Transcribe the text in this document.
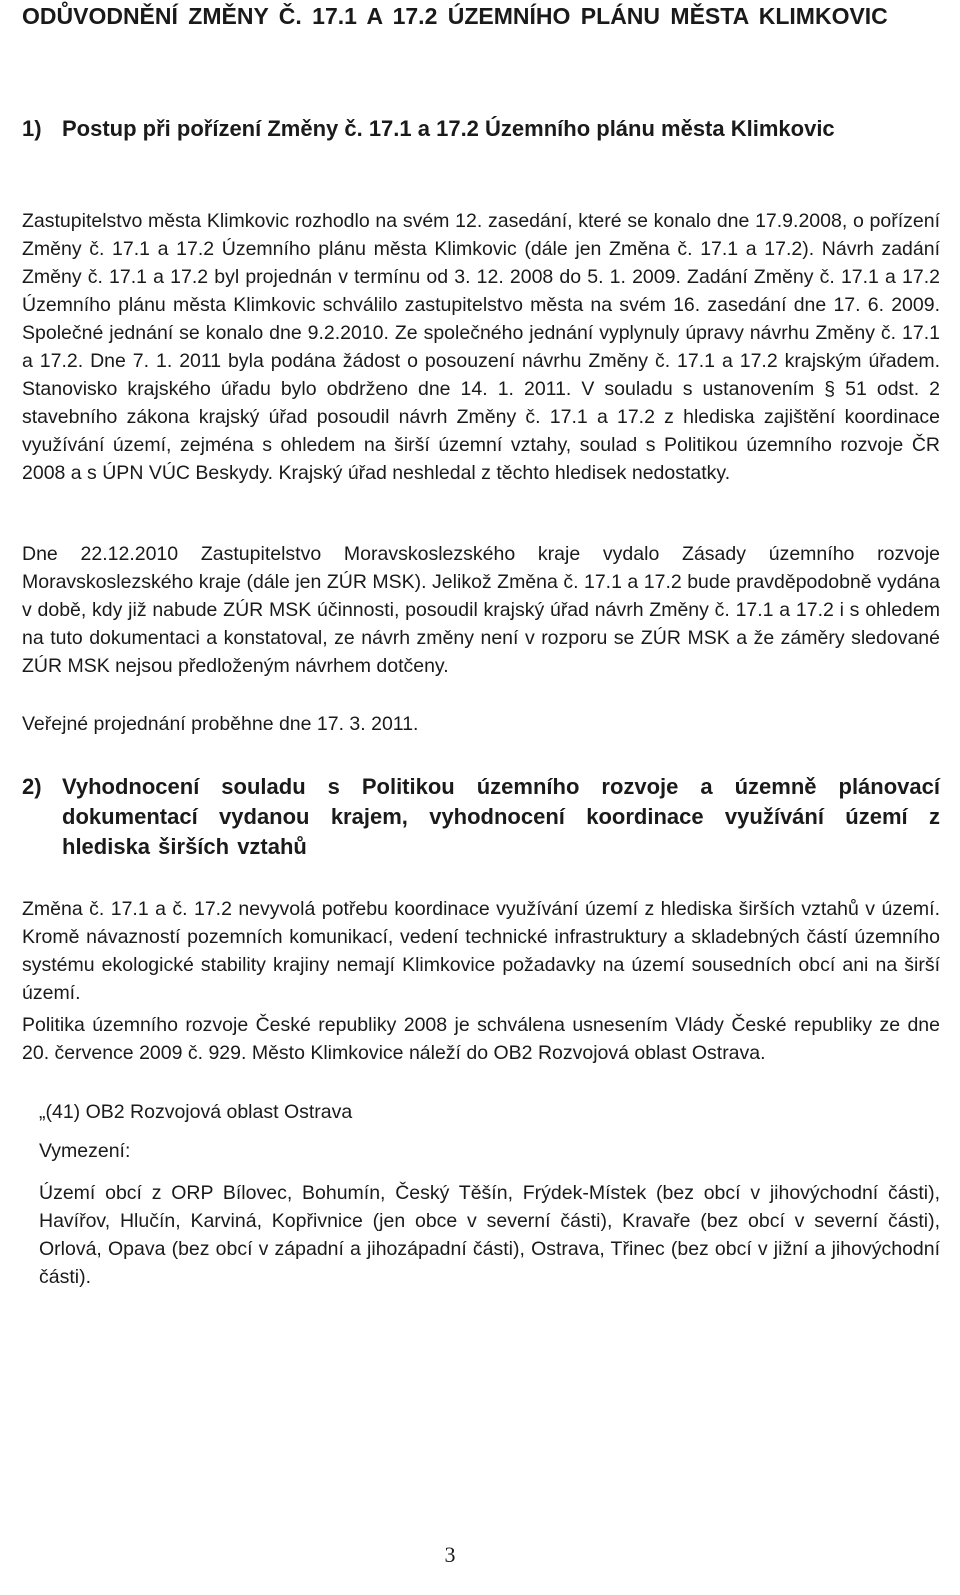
ODŮVODNĚNÍ ZMĚNY Č. 17.1 A 17.2 ÚZEMNÍHO PLÁNU MĚSTA KLIMKOVIC
1) Postup při pořízení Změny č. 17.1 a 17.2 Územního plánu města Klimkovic

Zastupitelstvo města Klimkovic rozhodlo na svém 12. zasedání, které se konalo dne 17.9.2008, o pořízení Změny č. 17.1 a 17.2 Územního plánu města Klimkovic (dále jen Změna č. 17.1 a 17.2). Návrh zadání Změny č. 17.1 a 17.2 byl projednán v termínu od 3. 12. 2008 do 5. 1. 2009. Zadání Změny č. 17.1 a 17.2 Územního plánu města Klimkovic schválilo zastupitelstvo města na svém 16. zasedání dne 17. 6. 2009. Společné jednání se konalo dne 9.2.2010. Ze společného jednání vyplynuly úpravy návrhu Změny č. 17.1 a 17.2. Dne 7. 1. 2011 byla podána žádost o posouzení návrhu Změny č. 17.1 a 17.2 krajským úřadem. Stanovisko krajského úřadu bylo obdrženo dne 14. 1. 2011. V souladu s ustanovením § 51 odst. 2 stavebního zákona krajský úřad posoudil návrh Změny č. 17.1 a 17.2 z hlediska zajištění koordinace využívání území, zejména s ohledem na širší územní vztahy, soulad s Politikou územního rozvoje ČR 2008 a s ÚPN VÚC Beskydy. Krajský úřad neshledal z těchto hledisek nedostatky.

Dne 22.12.2010 Zastupitelstvo Moravskoslezského kraje vydalo Zásady územního rozvoje Moravskoslezského kraje (dále jen ZÚR MSK). Jelikož Změna č. 17.1 a 17.2 bude pravděpodobně vydána v době, kdy již nabude ZÚR MSK účinnosti, posoudil krajský úřad návrh Změny č. 17.1 a 17.2 i s ohledem na tuto dokumentaci a konstatoval, ze návrh změny není v rozporu se ZÚR MSK a že záměry sledované ZÚR MSK nejsou předloženým návrhem dotčeny.

Veřejné projednání proběhne dne 17. 3. 2011.

2) Vyhodnocení souladu s Politikou územního rozvoje a územně plánovací dokumentací vydanou krajem, vyhodnocení koordinace využívání území z hlediska širších vztahů

Změna č. 17.1 a č. 17.2 nevyvolá potřebu koordinace využívání území z hlediska širších vztahů v území. Kromě návazností pozemních komunikací, vedení technické infrastruktury a skladebných částí územního systému ekologické stability krajiny nemají Klimkovice požadavky na území sousedních obcí ani na širší území.

Politika územního rozvoje České republiky 2008 je schválena usnesením Vlády České republiky ze dne 20. července 2009 č. 929. Město Klimkovice náleží do OB2 Rozvojová oblast Ostrava.

„(41) OB2 Rozvojová oblast Ostrava

Vymezení:

Území obcí z ORP Bílovec, Bohumín, Český Těšín, Frýdek-Místek (bez obcí v jihovýchodní části), Havířov, Hlučín, Karviná, Kopřivnice (jen obce v severní části), Kravaře (bez obcí v severní části), Orlová, Opava (bez obcí v západní a jihozápadní části), Ostrava, Třinec (bez obcí v jižní a jihovýchodní části).

3
